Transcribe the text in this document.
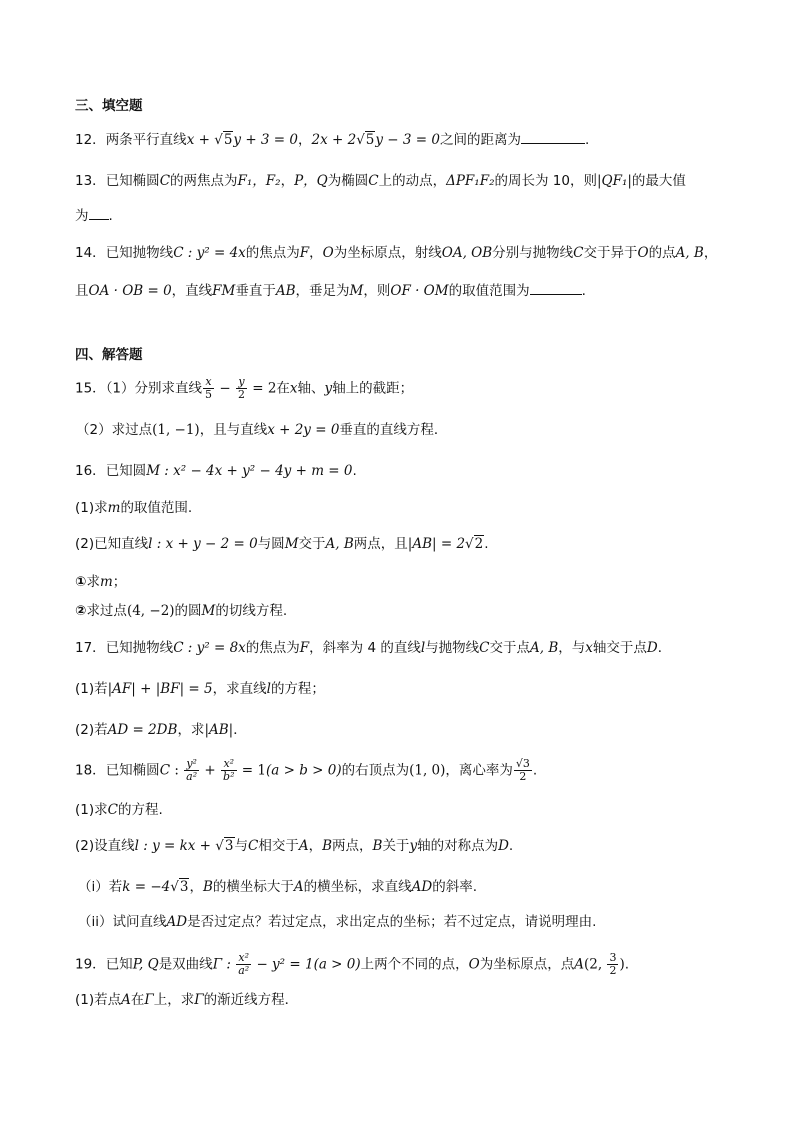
三、填空题
12．两条平行直线x + √5y + 3 = 0，2x + 2√5y − 3 = 0之间的距离为	.
13．已知椭圆C的两焦点为F₁，F₂，P，Q为椭圆C上的动点，ΔPF₁F₂的周长为 10，则|QF₁|的最大值
为 .
14．已知抛物线C : y² = 4x的焦点为F，O为坐标原点，射线OA, OB分别与抛物线C交于异于O的点A, B，
且OA · OB = 0，直线FM垂直于AB，垂足为M，则OF · OM的取值范围为	.
四、解答题
15．（1）分别求直线 $\frac{x}{5} - \frac{y}{2} = 2$在x轴、y轴上的截距；
（2）求过点(1, −1)，且与直线x + 2y = 0垂直的直线方程．
16．已知圆M : x² − 4x + y² − 4y + m = 0.
(1)求m的取值范围.
(2)已知直线l : x + y − 2 = 0与圆M交于A, B两点，且|AB| = 2√2.
①求m；
②求过点(4, −2)的圆M的切线方程.
17．已知抛物线C : y² = 8x的焦点为F，斜率为 4 的直线l与抛物线C交于点A, B，与x轴交于点D．
(1)若|AF| + |BF| = 5，求直线l的方程；
(2)若AD = 2DB，求|AB|．
18．已知椭圆C : $\frac{\text{y²}}{\text{a²}} + \frac{\text{x²}}{\text{b²}} = 1(a > b > 0)$的右顶点为(1, 0)，离心率为 $\frac{√3}{2}$ .
(1)求C的方程.
(2)设直线l : y = kx + √3与C相交于A，B两点，B关于y轴的对称点为D.
（i）若k = −4√3，B的横坐标大于A的横坐标，求直线AD的斜率.
（ii）试问直线AD是否过定点？若过定点，求出定点的坐标；若不过定点，请说明理由.
19．已知P, Q是双曲线Γ : $\frac{\text{x²}}{\text{a²}} - y^2 = 1(a > 0)$上两个不同的点，O为坐标原点，点A(2, $\frac{3}{2}$ ).
(1)若点A在Γ上，求Γ的渐近线方程．
